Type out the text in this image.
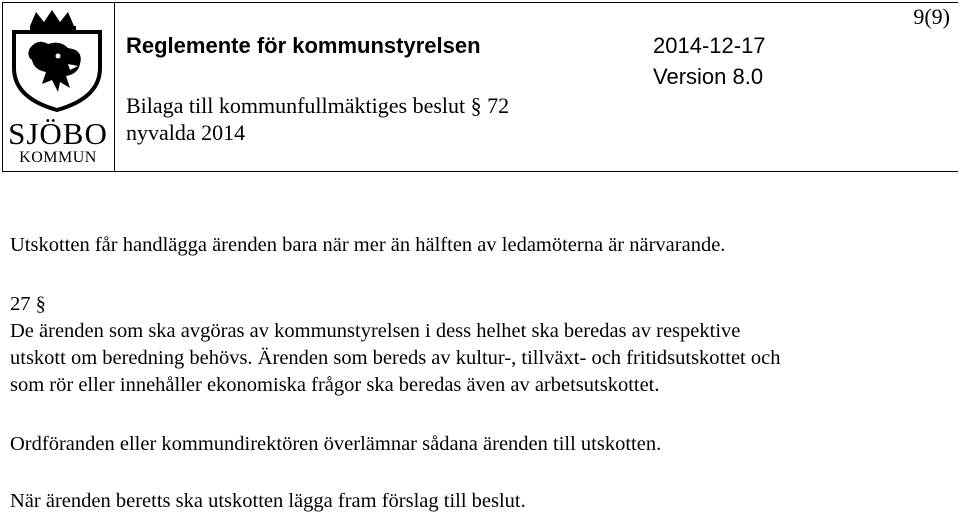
SJÖBO
KOMMUN
9(9)
Reglemente för kommunstyrelsen	2014-12-17
Version 8.0
Bilaga till kommunfullmäktiges beslut § 72
nyvalda 2014
Utskotten får handlägga ärenden bara när mer än hälften av ledamöterna är närvarande.
27 §
De ärenden som ska avgöras av kommunstyrelsen i dess helhet ska beredas av respektive
utskott om beredning behövs. Ärenden som bereds av kultur-, tillväxt- och fritidsutskottet och
som rör eller innehåller ekonomiska frågor ska beredas även av arbetsutskottet.
Ordföranden eller kommundirektören överlämnar sådana ärenden till utskotten.
När ärenden beretts ska utskotten lägga fram förslag till beslut.
